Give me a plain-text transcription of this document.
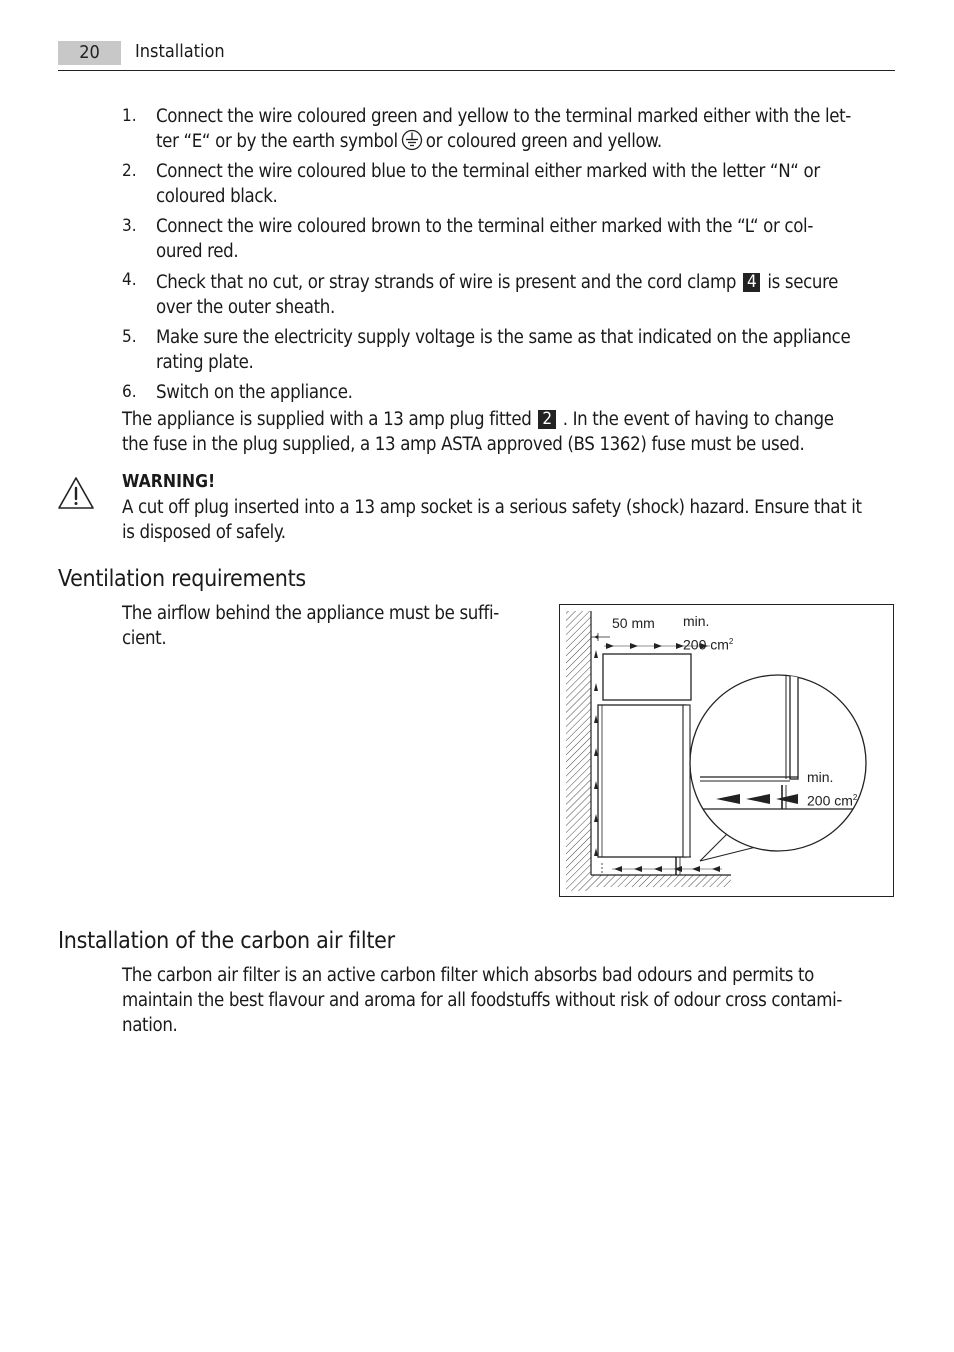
20	Installation
1. Connect the wire coloured green and yellow to the terminal marked either with the let-
ter “E“ or by the earth symbol or coloured green and yellow.
2. Connect the wire coloured blue to the terminal either marked with the letter “N“ or
coloured black.
3. Connect the wire coloured brown to the terminal either marked with the “L“ or col-
oured red.
4. Check that no cut, or stray strands of wire is present and the cord clamp 4 is secure
over the outer sheath.
5. Make sure the electricity supply voltage is the same as that indicated on the appliance
rating plate.
6. Switch on the appliance.
The appliance is supplied with a 13 amp plug fitted 2 . In the event of having to change
the fuse in the plug supplied, a 13 amp ASTA approved (BS 1362) fuse must be used.
WARNING!
A cut off plug inserted into a 13 amp socket is a serious safety (shock) hazard. Ensure that it
is disposed of safely.
Ventilation requirements
The airflow behind the appliance must be suffi-
cient.
50 mm	min.
200 $cm^2$
min.
200 $cm^2$
Installation of the carbon air filter
The carbon air filter is an active carbon filter which absorbs bad odours and permits to
maintain the best flavour and aroma for all foodstuffs without risk of odour cross contami-
nation.
